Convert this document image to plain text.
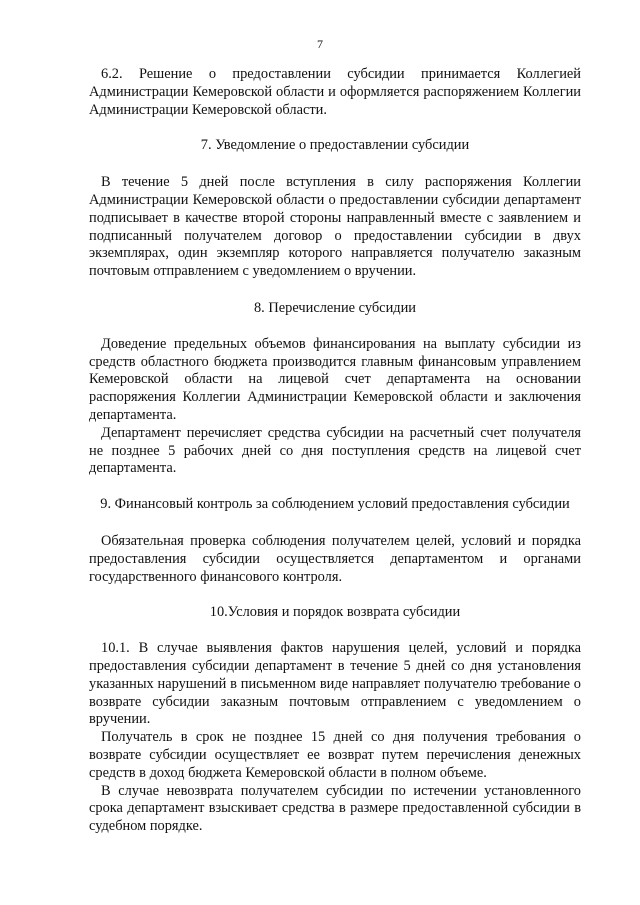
7

6.2. Решение о предоставлении субсидии принимается Коллегией Администрации Кемеровской области и оформляется распоряжением Коллегии Администрации Кемеровской области.

7. Уведомление о предоставлении субсидии

В течение 5 дней после вступления в силу распоряжения Коллегии Администрации Кемеровской области о предоставлении субсидии департамент подписывает в качестве второй стороны направленный вместе с заявлением и подписанный получателем договор о предоставлении субсидии в двух экземплярах, один экземпляр которого направляется получателю заказным почтовым отправлением с уведомлением о вручении.

8. Перечисление субсидии

Доведение предельных объемов финансирования на выплату субсидии из средств областного бюджета производится главным финансовым управлением Кемеровской области на лицевой счет департамента на основании распоряжения Коллегии Администрации Кемеровской области и заключения департамента.

Департамент перечисляет средства субсидии на расчетный счет получателя не позднее 5 рабочих дней со дня поступления средств на лицевой счет департамента.

9. Финансовый контроль за соблюдением условий предоставления субсидии

Обязательная проверка соблюдения получателем целей, условий и порядка предоставления субсидии осуществляется департаментом и органами государственного финансового контроля.

10.Условия и порядок возврата субсидии

10.1. В случае выявления фактов нарушения целей, условий и порядка предоставления субсидии департамент в течение 5 дней со дня установления указанных нарушений в письменном виде направляет получателю требование о возврате субсидии заказным почтовым отправлением с уведомлением о вручении.

Получатель в срок не позднее 15 дней со дня получения требования о возврате субсидии осуществляет ее возврат путем перечисления денежных средств в доход бюджета Кемеровской области в полном объеме.

В случае невозврата получателем субсидии по истечении установленного срока департамент взыскивает средства в размере предоставленной субсидии в судебном порядке.
